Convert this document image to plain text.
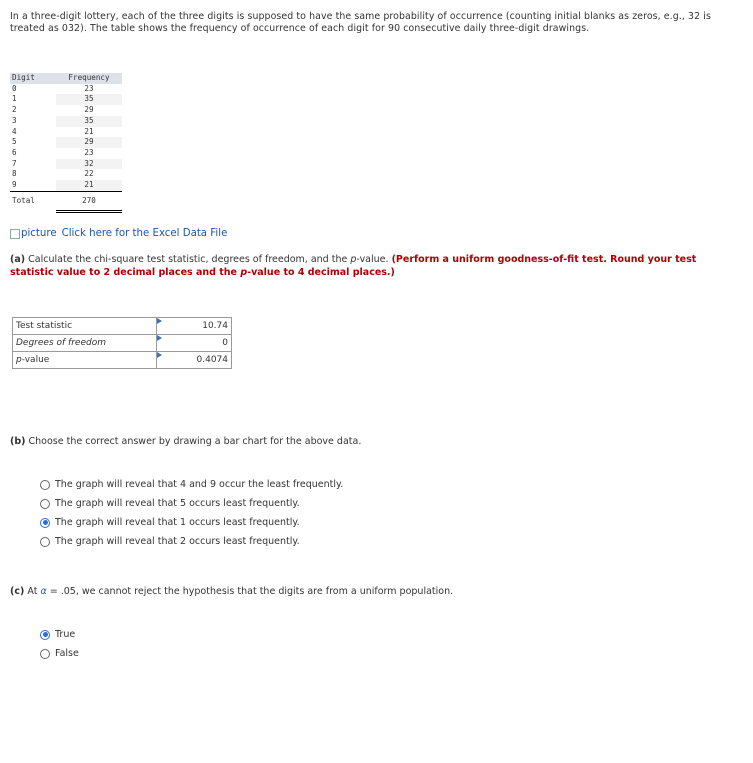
In a three-digit lottery, each of the three digits is supposed to have the same probability of occurrence (counting initial blanks as zeros, e.g., 32 is treated as 032). The table shows the frequency of occurrence of each digit for 90 consecutive daily three-digit drawings.
Digit	Frequency
0	23
1	35
2	29
3	35
4	21
5	29
6	23
7	32
8	22
9	21
Total	270
picture Click here for the Excel Data File
(a) Calculate the chi-square test statistic, degrees of freedom, and the p-value. (Perform a uniform goodness-of-fit test. Round your test statistic value to 2 decimal places and the p-value to 4 decimal places.)
Test statistic	10.74
Degrees of freedom	0
p-value	0.4074
(b) Choose the correct answer by drawing a bar chart for the above data.
The graph will reveal that 4 and 9 occur the least frequently.
The graph will reveal that 5 occurs least frequently.
The graph will reveal that 1 occurs least frequently.
The graph will reveal that 2 occurs least frequently.
(c) At α = .05, we cannot reject the hypothesis that the digits are from a uniform population.
True
False
